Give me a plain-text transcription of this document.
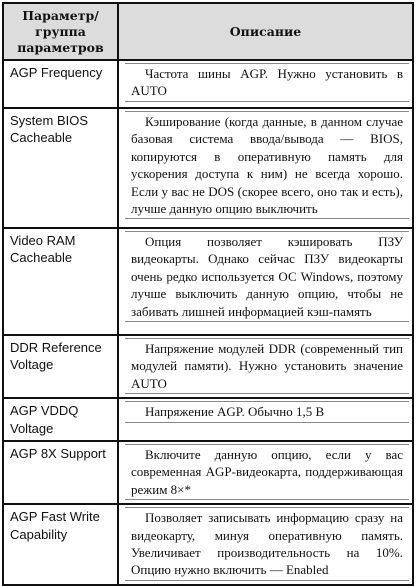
Параметр/
группа
параметров	Описание
AGP Frequency	Частота шины AGP. Нужно установить в AUTO

System BIOS Cacheable	Кэширование (когда данные, в данном случае базовая система ввода/вывода — BIOS, копируются в оперативную память для ускорения доступа к ним) не всегда хорошо. Если у вас не DOS (скорее всего, оно так и есть), лучше данную опцию выключить

Video RAM Cacheable	Опция позволяет кэшировать ПЗУ видеокарты. Однако сейчас ПЗУ видеокарты очень редко используется ОС Windows, поэтому лучше выключить данную опцию, чтобы не забивать лишней информацией кэш-память

DDR Reference Voltage	Напряжение модулей DDR (современный тип модулей памяти). Нужно установить значение AUTO

AGP VDDQ Voltage	Напряжение AGP. Обычно 1,5 В

AGP 8X Support	Включите данную опцию, если у вас современная AGP-видеокарта, поддерживающая режим 8×*

AGP Fast Write Capability	Позволяет записывать информацию сразу на видеокарту, минуя оперативную память. Увеличивает производительность на 10%. Опцию нужно включить — Enabled
